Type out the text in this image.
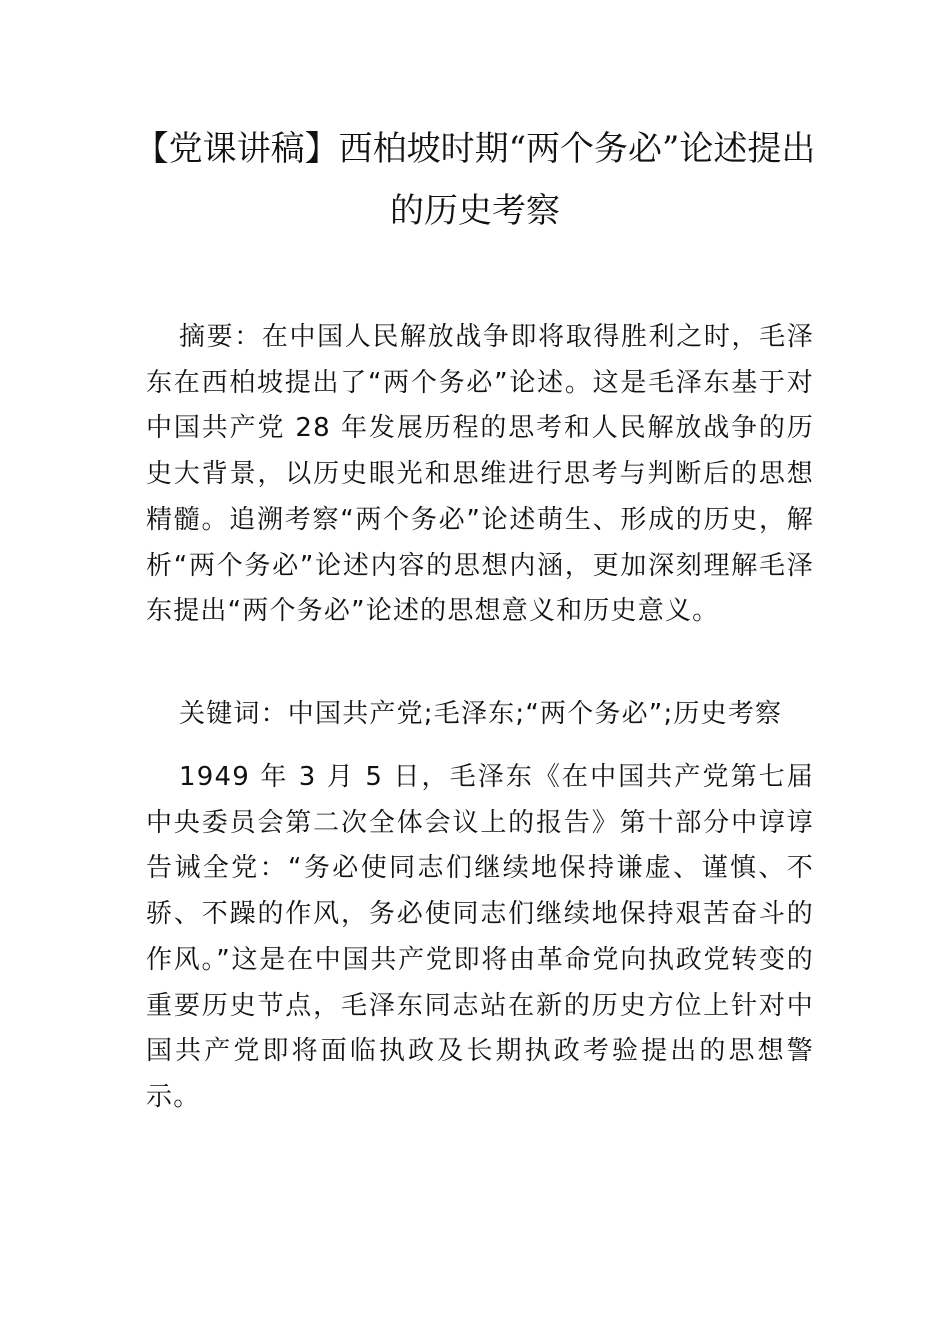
【党课讲稿】西柏坡时期“两个务必”论述提出的历史考察

摘要：在中国人民解放战争即将取得胜利之时，毛泽东在西柏坡提出了“两个务必”论述。这是毛泽东基于对中国共产党 28 年发展历程的思考和人民解放战争的历史大背景，以历史眼光和思维进行思考与判断后的思想精髓。追溯考察“两个务必”论述萌生、形成的历史，解析“两个务必”论述内容的思想内涵，更加深刻理解毛泽东提出“两个务必”论述的思想意义和历史意义。

关键词：中国共产党;毛泽东;“两个务必”;历史考察

1949 年 3 月 5 日，毛泽东《在中国共产党第七届中央委员会第二次全体会议上的报告》第十部分中谆谆告诫全党：“务必使同志们继续地保持谦虚、谨慎、不骄、不躁的作风，务必使同志们继续地保持艰苦奋斗的作风。”这是在中国共产党即将由革命党向执政党转变的重要历史节点，毛泽东同志站在新的历史方位上针对中国共产党即将面临执政及长期执政考验提出的思想警示。
